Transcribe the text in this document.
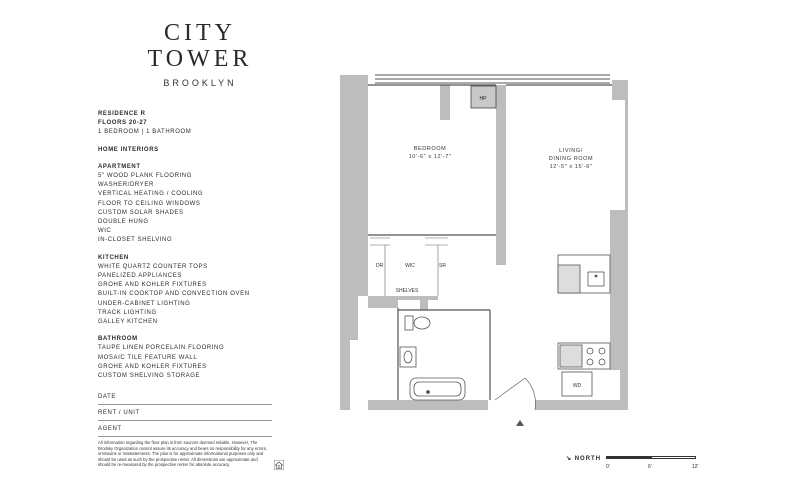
CITY
TOWER
BROOKLYN
RESIDENCE R
FLOORS 20-27
1 BEDROOM | 1 BATHROOM
HOME INTERIORS
APARTMENT
5" WOOD PLANK FLOORING
WASHER/DRYER
VERTICAL HEATING / COOLING
FLOOR TO CEILING WINDOWS
CUSTOM SOLAR SHADES
DOUBLE HUNG
WIC
IN-CLOSET SHELVING
KITCHEN
WHITE QUARTZ COUNTER TOPS
PANELIZED APPLIANCES
GROHE AND KOHLER FIXTURES
BUILT-IN COOKTOP AND CONVECTION OVEN
UNDER-CABINET LIGHTING
TRACK LIGHTING
GALLEY KITCHEN
BATHROOM
TAUPE LINEN PORCELAIN FLOORING
MOSAIC TILE FEATURE WALL
GROHE AND KOHLER FIXTURES
CUSTOM SHELVING STORAGE
DATE
RENT / UNIT
AGENT
All information regarding the floor plan is from sources deemed reliable. However, The Brodsky Organization cannot assure its accuracy and bears no responsibility for any errors, omissions or misstatements. The plan is for approximate informational purposes only and should be used as such by the prospective renter. All dimensions are approximate and should be re-measured by the prospective renter for absolute accuracy.
HP
BEDROOM
10'-6" x 12'-7"
LIVING/
DINING ROOM
12'-5" x 15'-6"
DR	WIC	SR
SHELVES
WD
↘ NORTH
0'	6'	12'
